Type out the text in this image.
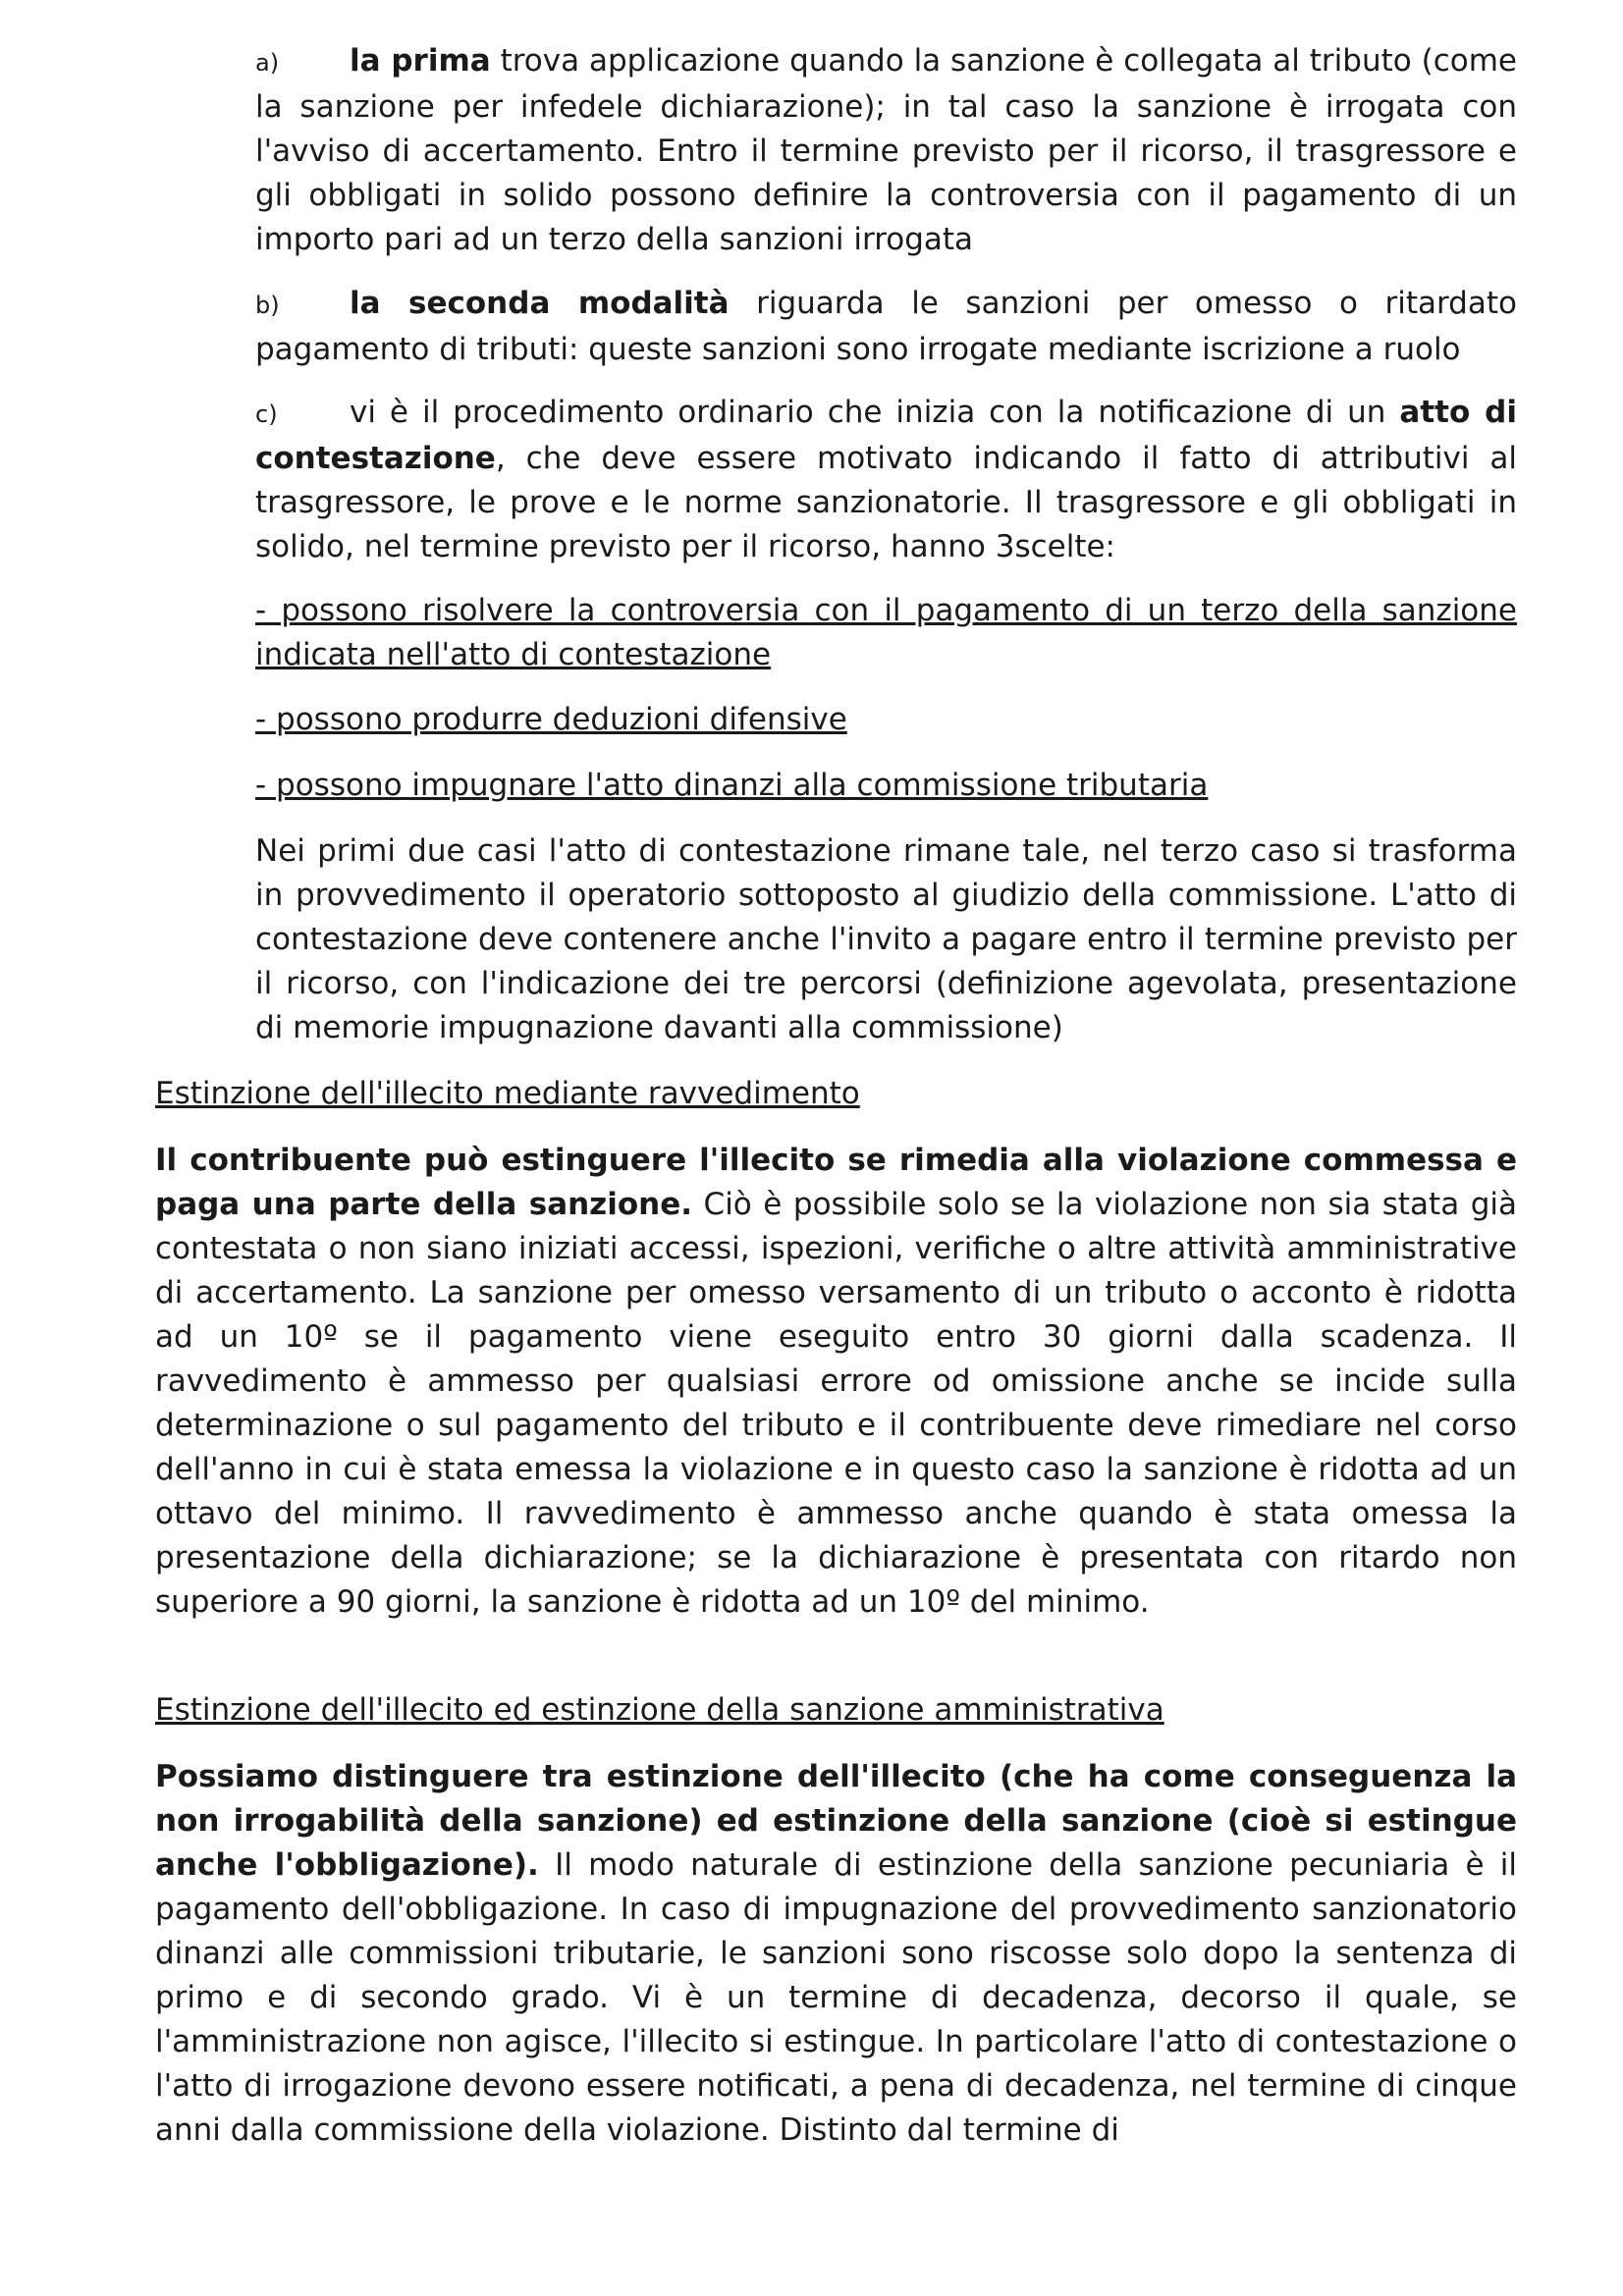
a) la prima trova applicazione quando la sanzione è collegata al tributo (come la sanzione per infedele dichiarazione); in tal caso la sanzione è irrogata con l'avviso di accertamento. Entro il termine previsto per il ricorso, il trasgressore e gli obbligati in solido possono definire la controversia con il pagamento di un importo pari ad un terzo della sanzioni irrogata

b) la seconda modalità riguarda le sanzioni per omesso o ritardato pagamento di tributi: queste sanzioni sono irrogate mediante iscrizione a ruolo

c) vi è il procedimento ordinario che inizia con la notificazione di un atto di contestazione, che deve essere motivato indicando il fatto di attributivi al trasgressore, le prove e le norme sanzionatorie. Il trasgressore e gli obbligati in solido, nel termine previsto per il ricorso, hanno 3scelte:

- possono risolvere la controversia con il pagamento di un terzo della sanzione indicata nell'atto di contestazione

- possono produrre deduzioni difensive

- possono impugnare l'atto dinanzi alla commissione tributaria

Nei primi due casi l'atto di contestazione rimane tale, nel terzo caso si trasforma in provvedimento il operatorio sottoposto al giudizio della commissione. L'atto di contestazione deve contenere anche l'invito a pagare entro il termine previsto per il ricorso, con l'indicazione dei tre percorsi (definizione agevolata, presentazione di memorie impugnazione davanti alla commissione)

Estinzione dell'illecito mediante ravvedimento

Il contribuente può estinguere l'illecito se rimedia alla violazione commessa e paga una parte della sanzione. Ciò è possibile solo se la violazione non sia stata già contestata o non siano iniziati accessi, ispezioni, verifiche o altre attività amministrative di accertamento. La sanzione per omesso versamento di un tributo o acconto è ridotta ad un 10º se il pagamento viene eseguito entro 30 giorni dalla scadenza. Il ravvedimento è ammesso per qualsiasi errore od omissione anche se incide sulla determinazione o sul pagamento del tributo e il contribuente deve rimediare nel corso dell'anno in cui è stata emessa la violazione e in questo caso la sanzione è ridotta ad un ottavo del minimo. Il ravvedimento è ammesso anche quando è stata omessa la presentazione della dichiarazione; se la dichiarazione è presentata con ritardo non superiore a 90 giorni, la sanzione è ridotta ad un 10º del minimo.

Estinzione dell'illecito ed estinzione della sanzione amministrativa

Possiamo distinguere tra estinzione dell'illecito (che ha come conseguenza la non irrogabilità della sanzione) ed estinzione della sanzione (cioè si estingue anche l'obbligazione). Il modo naturale di estinzione della sanzione pecuniaria è il pagamento dell'obbligazione. In caso di impugnazione del provvedimento sanzionatorio dinanzi alle commissioni tributarie, le sanzioni sono riscosse solo dopo la sentenza di primo e di secondo grado. Vi è un termine di decadenza, decorso il quale, se l'amministrazione non agisce, l'illecito si estingue. In particolare l'atto di contestazione o l'atto di irrogazione devono essere notificati, a pena di decadenza, nel termine di cinque anni dalla commissione della violazione. Distinto dal termine di
